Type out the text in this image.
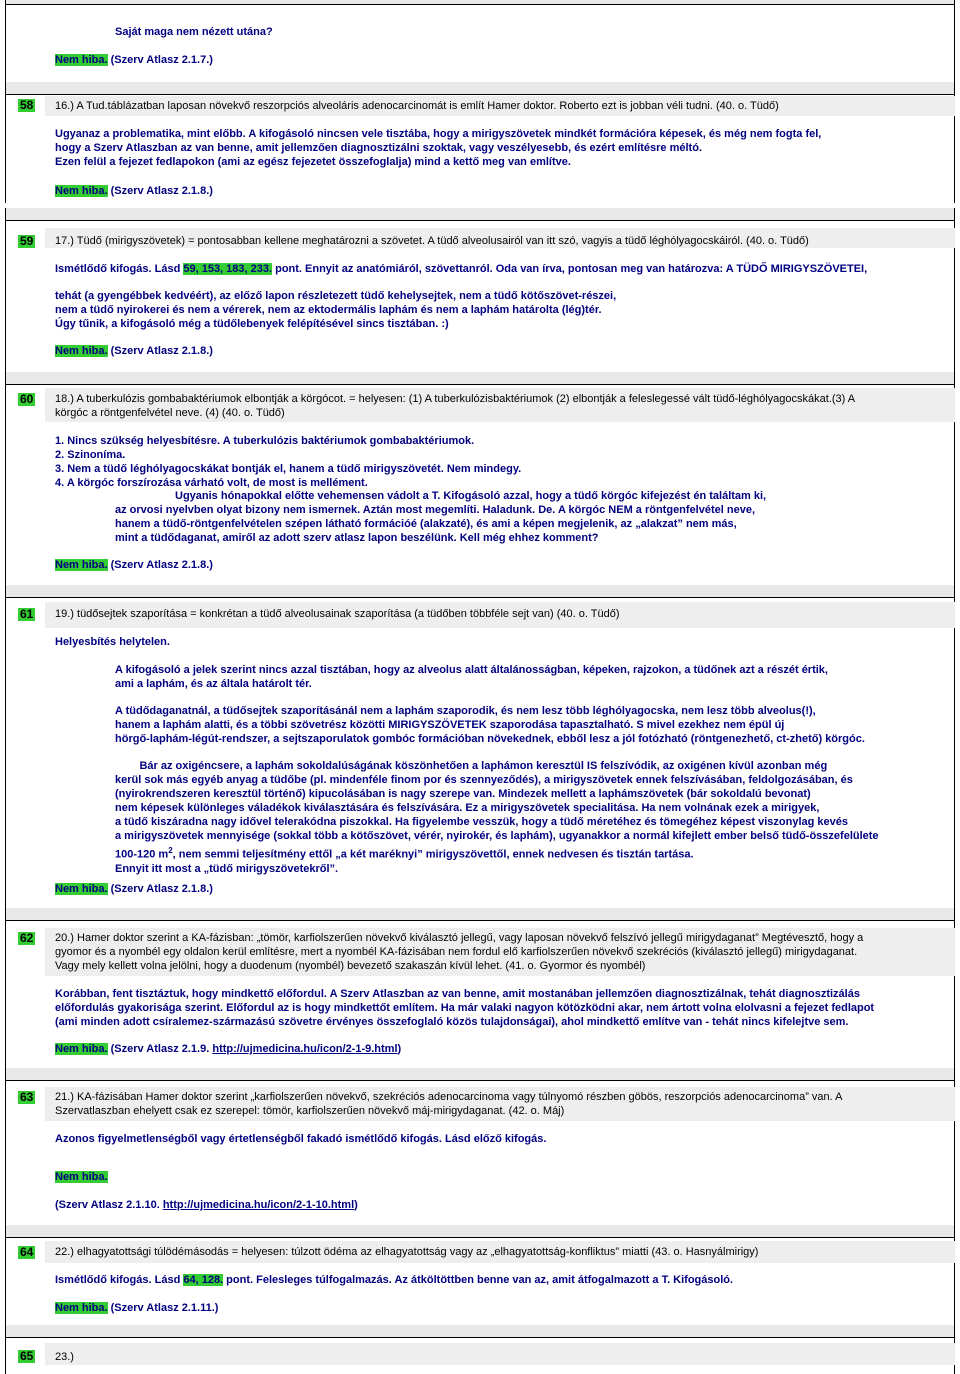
Saját maga nem nézett utána?
Nem hiba. (Szerv Atlasz 2.1.7.)
58 16.) A Tud.táblázatban laposan növekvő reszorpciós alveoláris adenocarcinomát is említ Hamer doktor. Roberto ezt is jobban véli tudni. (40. o. Tüdő)
Ugyanaz a problematika, mint előbb. A kifogásoló nincsen vele tisztába, hogy a mirigyszövetek mindkét formációra képesek, és még nem fogta fel,
hogy a Szerv Atlaszban az van benne, amit jellemzően diagnosztizálni szoktak, vagy veszélyesebb, és ezért említésre méltó.
Ezen felül a fejezet fedlapokon (ami az egész fejezetet összefoglalja) mind a kettő meg van említve.
Nem hiba. (Szerv Atlasz 2.1.8.)
59 17.) Tüdő (mirigyszövetek) = pontosabban kellene meghatározni a szövetet. A tüdő alveolusairól van itt szó, vagyis a tüdő léghólyagocskáiról. (40. o. Tüdő)
Ismétlődő kifogás. Lásd 59, 153, 183, 233. pont. Ennyit az anatómiáról, szövettanról. Oda van írva, pontosan meg van határozva: A TÜDŐ MIRIGYSZÖVETEI,
tehát (a gyengébbek kedvéért), az előző lapon részletezett tüdő kehelysejtek, nem a tüdő kötőszövet-részei,
nem a tüdő nyirokerei és nem a vérerek, nem az ektodermális laphám és nem a laphám határolta (lég)tér.
Úgy tűnik, a kifogásoló még a tüdőlebenyek felépítésével sincs tisztában. :)
Nem hiba. (Szerv Atlasz 2.1.8.)
60 18.) A tuberkulózis gombabaktériumok elbontják a körgócot. = helyesen: (1) A tuberkulózisbaktériumok (2) elbontják a feleslegessé vált tüdő-léghólyagocskákat.(3) A
körgóc a röntgenfelvétel neve. (4) (40. o. Tüdő)
1. Nincs szükség helyesbítésre. A tuberkulózis baktériumok gombabaktériumok.
2. Szinoníma.
3. Nem a tüdő léghólyagocskákat bontják el, hanem a tüdő mirigyszövetét. Nem mindegy.
4. A körgóc forszírozása várható volt, de most is mellément.
Ugyanis hónapokkal előtte vehemensen vádolt a T. Kifogásoló azzal, hogy a tüdő körgóc kifejezést én találtam ki,
az orvosi nyelvben olyat bizony nem ismernek. Aztán most megemlíti. Haladunk. De. A körgóc NEM a röntgenfelvétel neve,
hanem a tüdő-röntgenfelvételen szépen látható formációé (alakzaté), és ami a képen megjelenik, az „alakzat” nem más,
mint a tüdődaganat, amiről az adott szerv atlasz lapon beszélünk. Kell még ehhez komment?
Nem hiba. (Szerv Atlasz 2.1.8.)
61 19.) tüdősejtek szaporítása = konkrétan a tüdő alveolusainak szaporítása (a tüdőben többféle sejt van) (40. o. Tüdő)
Helyesbítés helytelen.
A kifogásoló a jelek szerint nincs azzal tisztában, hogy az alveolus alatt általánosságban, képeken, rajzokon, a tüdőnek azt a részét értik,
ami a laphám, és az általa határolt tér.
A tüdődaganatnál, a tüdősejtek szaporításánál nem a laphám szaporodik, és nem lesz több léghólyagocska, nem lesz több alveolus(!),
hanem a laphám alatti, és a többi szövetrész közötti MIRIGYSZÖVETEK szaporodása tapasztalható. S mivel ezekhez nem épül új
hörgő-laphám-légút-rendszer, a sejtszaporulatok gombóc formációban növekednek, ebből lesz a jól fotózható (röntgenezhető, ct-zhető) körgóc.
Bár az oxigéncsere, a laphám sokoldalúságának köszönhetően a laphámon keresztül IS felszívódik, az oxigénen kívül azonban még
kerül sok más egyéb anyag a tüdőbe (pl. mindenféle finom por és szennyeződés), a mirigyszövetek ennek felszívásában, feldolgozásában, és
(nyirokrendszeren keresztül történő) kipucolásában is nagy szerepe van. Mindezek mellett a laphámszövetek (bár sokoldalú bevonat)
nem képesek különleges váladékok kiválasztására és felszívására. Ez a mirigyszövetek specialitása. Ha nem volnának ezek a mirigyek,
a tüdő kiszáradna nagy idővel telerakódna piszokkal. Ha figyelembe vesszük, hogy a tüdő méretéhez és tömegéhez képest viszonylag kevés
a mirigyszövetek mennyisége (sokkal több a kötőszövet, vérér, nyirokér, és laphám), ugyanakkor a normál kifejlett ember belső tüdő-összefelülete
100-120 $m^2$, nem semmi teljesítmény ettől „a két maréknyi” mirigyszövettől, ennek nedvesen és tisztán tartása.
Ennyit itt most a „tüdő mirigyszövetekről”.
Nem hiba. (Szerv Atlasz 2.1.8.)
62 20.) Hamer doktor szerint a KA-fázisban: „tömör, karfiolszerűen növekvő kiválasztó jellegű, vagy laposan növekvő felszívó jellegű mirigydaganat” Megtévesztő, hogy a
gyomor és a nyombél egy oldalon kerül említésre, mert a nyombél KA-fázisában nem fordul elő karfiolszerűen növekvő szekréciós (kiválasztó jellegű) mirigydaganat.
Vagy mely kellett volna jelölni, hogy a duodenum (nyombél) bevezető szakaszán kívül lehet. (41. o. Gyormor és nyombél)
Korábban, fent tisztáztuk, hogy mindkettő előfordul. A Szerv Atlaszban az van benne, amit mostanában jellemzően diagnosztizálnak, tehát diagnosztizálás
előfordulás gyakorisága szerint. Előfordul az is hogy mindkettőt említem. Ha már valaki nagyon kötözködni akar, nem ártott volna elolvasni a fejezet fedlapot
(ami minden adott csíralemez-származású szövetre érvényes összefoglaló közös tulajdonságai), ahol mindkettő említve van - tehát nincs kifelejtve sem.
Nem hiba. (Szerv Atlasz 2.1.9. http://ujmedicina.hu/icon/2-1-9.html)
63 21.) KA-fázisában Hamer doktor szerint „karfiolszerűen növekvő, szekréciós adenocarcinoma vagy túlnyomó részben göbös, reszorpciós adenocarcinoma” van. A
Szervatlaszban ehelyett csak ez szerepel: tömör, karfiolszerűen növekvő máj-mirigydaganat. (42. o. Máj)
Azonos figyelmetlenségből vagy értetlenségből fakadó ismétlődő kifogás. Lásd előző kifogás.
Nem hiba.
(Szerv Atlasz 2.1.10. http://ujmedicina.hu/icon/2-1-10.html)
64 22.) elhagyatottsági túlödémásodás = helyesen: túlzott ödéma az elhagyatottság vagy az „elhagyatottság-konfliktus” miatti (43. o. Hasnyálmirigy)
Ismétlődő kifogás. Lásd 64, 128. pont. Felesleges túlfogalmazás. Az átköltöttben benne van az, amit átfogalmazott a T. Kifogásoló.
Nem hiba. (Szerv Atlasz 2.1.11.)
65 23.)
